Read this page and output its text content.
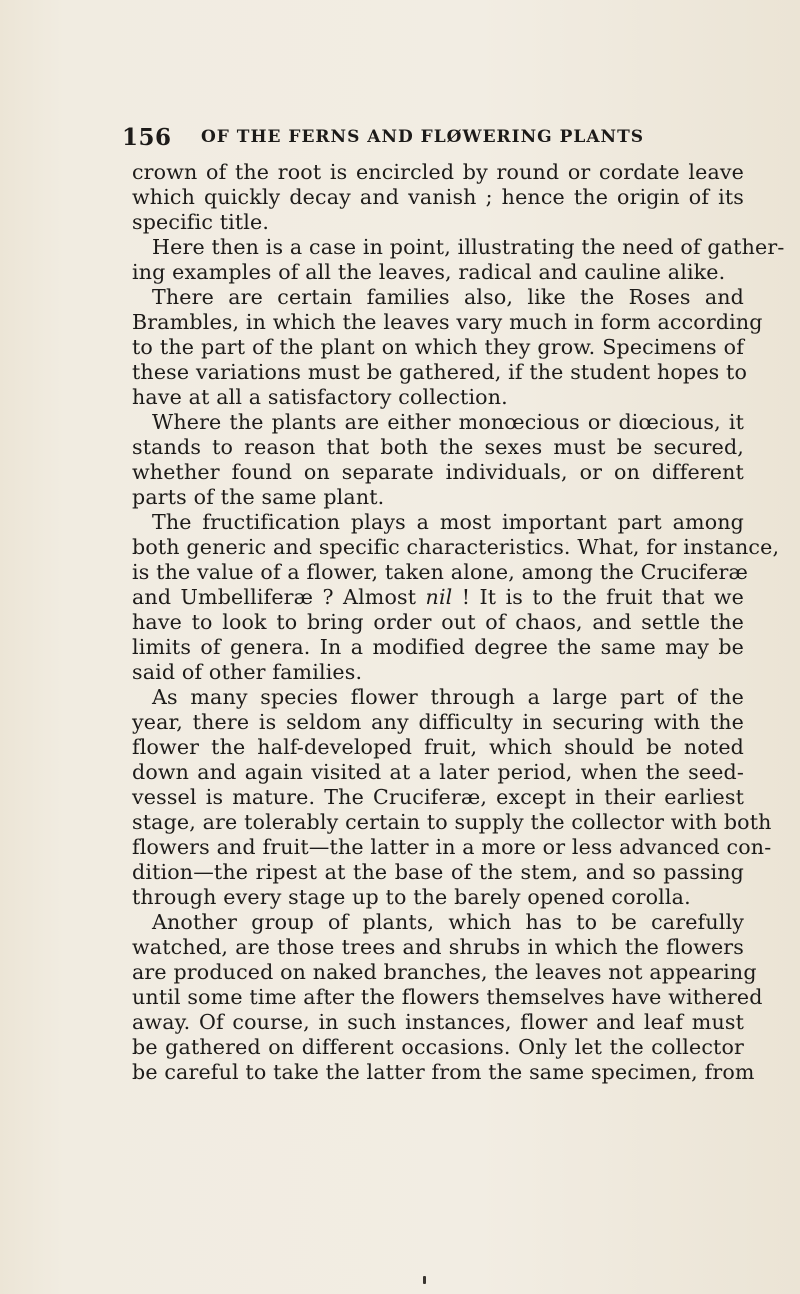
156 OF THE FERNS AND FLØWERING PLANTS
crown of the root is encircled by round or cordate leave
which quickly decay and vanish ; hence the origin of its
specific title.
Here then is a case in point, illustrating the need of gather-
ing examples of all the leaves, radical and cauline alike.
There are certain families also, like the Roses and
Brambles, in which the leaves vary much in form according
to the part of the plant on which they grow. Specimens of
these variations must be gathered, if the student hopes to
have at all a satisfactory collection.
Where the plants are either monœcious or diœcious, it
stands to reason that both the sexes must be secured,
whether found on separate individuals, or on different
parts of the same plant.
The fructification plays a most important part among
both generic and specific characteristics. What, for instance,
is the value of a flower, taken alone, among the Cruciferæ
and Umbelliferæ ? Almost nil ! It is to the fruit that we
have to look to bring order out of chaos, and settle the
limits of genera. In a modified degree the same may be
said of other families.
As many species flower through a large part of the
year, there is seldom any difficulty in securing with the
flower the half-developed fruit, which should be noted
down and again visited at a later period, when the seed-
vessel is mature. The Cruciferæ, except in their earliest
stage, are tolerably certain to supply the collector with both
flowers and fruit—the latter in a more or less advanced con-
dition—the ripest at the base of the stem, and so passing
through every stage up to the barely opened corolla.
Another group of plants, which has to be carefully
watched, are those trees and shrubs in which the flowers
are produced on naked branches, the leaves not appearing
until some time after the flowers themselves have withered
away. Of course, in such instances, flower and leaf must
be gathered on different occasions. Only let the collector
be careful to take the latter from the same specimen, from
